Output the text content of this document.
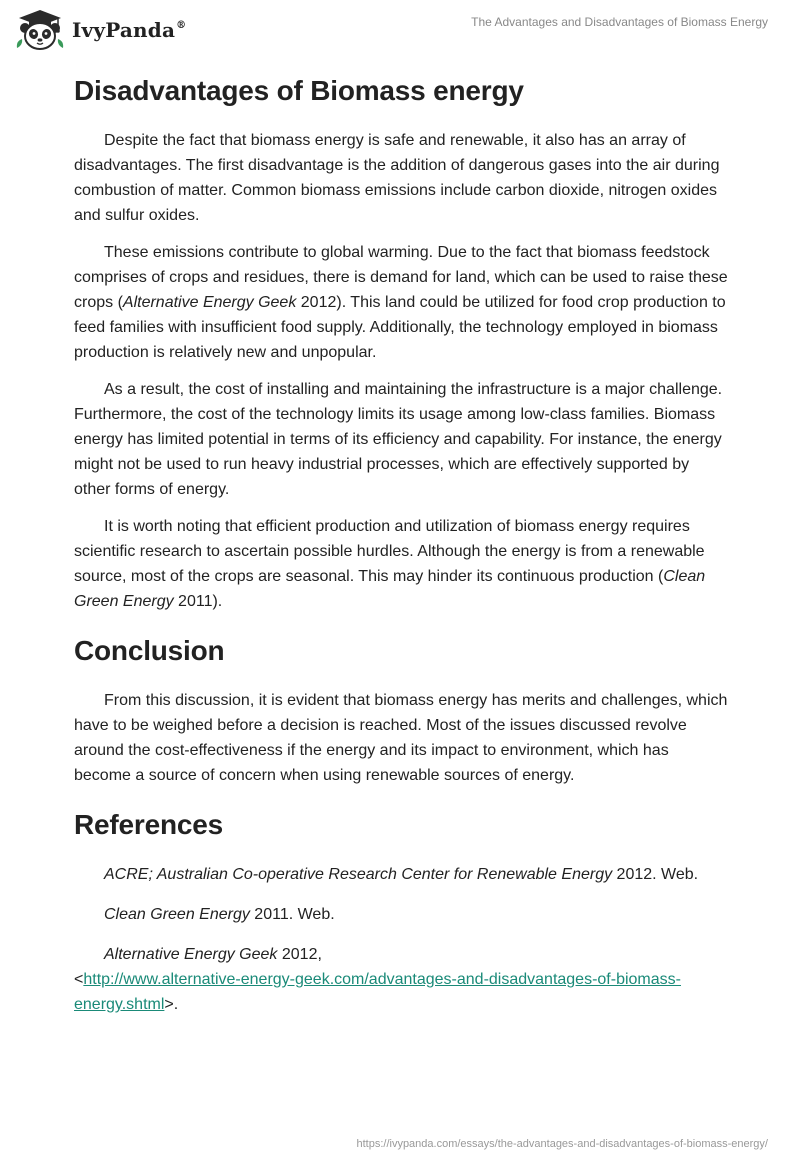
IvyPanda®	The Advantages and Disadvantages of Biomass Energy
Disadvantages of Biomass energy

Despite the fact that biomass energy is safe and renewable, it also has an array of disadvantages. The first disadvantage is the addition of dangerous gases into the air during combustion of matter. Common biomass emissions include carbon dioxide, nitrogen oxides and sulfur oxides.

These emissions contribute to global warming. Due to the fact that biomass feedstock comprises of crops and residues, there is demand for land, which can be used to raise these crops (Alternative Energy Geek 2012). This land could be utilized for food crop production to feed families with insufficient food supply. Additionally, the technology employed in biomass production is relatively new and unpopular.

As a result, the cost of installing and maintaining the infrastructure is a major challenge. Furthermore, the cost of the technology limits its usage among low-class families. Biomass energy has limited potential in terms of its efficiency and capability. For instance, the energy might not be used to run heavy industrial processes, which are effectively supported by other forms of energy.

It is worth noting that efficient production and utilization of biomass energy requires scientific research to ascertain possible hurdles. Although the energy is from a renewable source, most of the crops are seasonal. This may hinder its continuous production (Clean Green Energy 2011).

Conclusion

From this discussion, it is evident that biomass energy has merits and challenges, which have to be weighed before a decision is reached. Most of the issues discussed revolve around the cost-effectiveness if the energy and its impact to environment, which has become a source of concern when using renewable sources of energy.

References

ACRE; Australian Co-operative Research Center for Renewable Energy 2012. Web.

Clean Green Energy 2011. Web.

Alternative Energy Geek 2012,
<http://www.alternative-energy-geek.com/advantages-and-disadvantages-of-biomass-energy.shtml>.

https://ivypanda.com/essays/the-advantages-and-disadvantages-of-biomass-energy/
